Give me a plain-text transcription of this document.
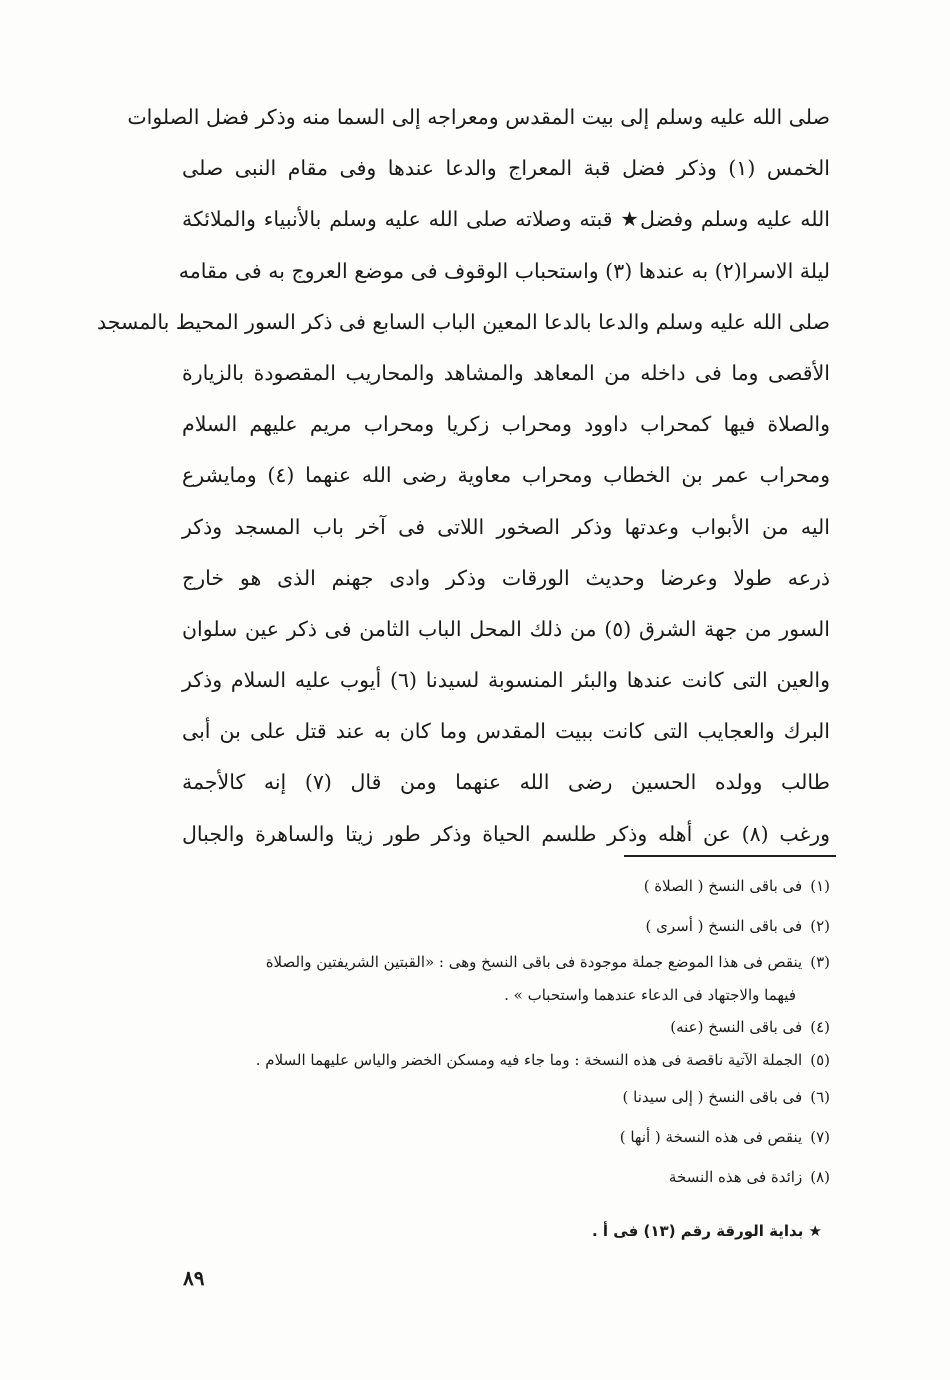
صلى الله عليه وسلم إلى بيت المقدس ومعراجه إلى السما منه وذكر فضل الصلوات
الخمس (١) وذكر فضل قبة المعراج والدعا عندها وفى مقام النبى صلى
الله عليه وسلم وفضل★ قبته وصلاته صلى الله عليه وسلم بالأنبياء والملائكة
ليلة الاسرا(٢) به عندها (٣) واستحباب الوقوف فى موضع العروج به فى مقامه
صلى الله عليه وسلم والدعا بالدعا المعين الباب السابع فى ذكر السور المحيط بالمسجد
الأقصى وما فى داخله من المعاهد والمشاهد والمحاريب المقصودة بالزيارة
والصلاة فيها كمحراب داوود ومحراب زكريا ومحراب مريم عليهم السلام
ومحراب عمر بن الخطاب ومحراب معاوية رضى الله عنهما (٤) ومايشرع
اليه من الأبواب وعدتها وذكر الصخور اللاتى فى آخر باب المسجد وذكر
ذرعه طولا وعرضا وحديث الورقات وذكر وادى جهنم الذى هو خارج
السور من جهة الشرق (٥) من ذلك المحل الباب الثامن فى ذكر عين سلوان
والعين التى كانت عندها والبئر المنسوبة لسيدنا (٦) أيوب عليه السلام وذكر
البرك والعجايب التى كانت ببيت المقدس وما كان به عند قتل على بن أبى
طالب وولده الحسين رضى الله عنهما ومن قال (٧) إنه كالأجمة
ورغب (٨) عن أهله وذكر طلسم الحياة وذكر طور زيتا والساهرة والجبال
(١)فى باقى النسخ ( الصلاة )
(٢)فى باقى النسخ ( أسرى )
(٣)ينقص فى هذا الموضع جملة موجودة فى باقى النسخ وهى : «القبتين الشريفتين والصلاة
فيهما والاجتهاد فى الدعاء عندهما واستحباب » .
(٤)فى باقى النسخ (عنه)
(٥)الجملة الآتية ناقصة فى هذه النسخة : وما جاء فيه ومسكن الخضر والياس عليهما السلام .
(٦)فى باقى النسخ ( إلى سيدنا )
(٧)ينقص فى هذه النسخة ( أنها )
(٨)زائدة فى هذه النسخة
★ بداية الورقة رقم (١٣) فى أ .
٨٩
